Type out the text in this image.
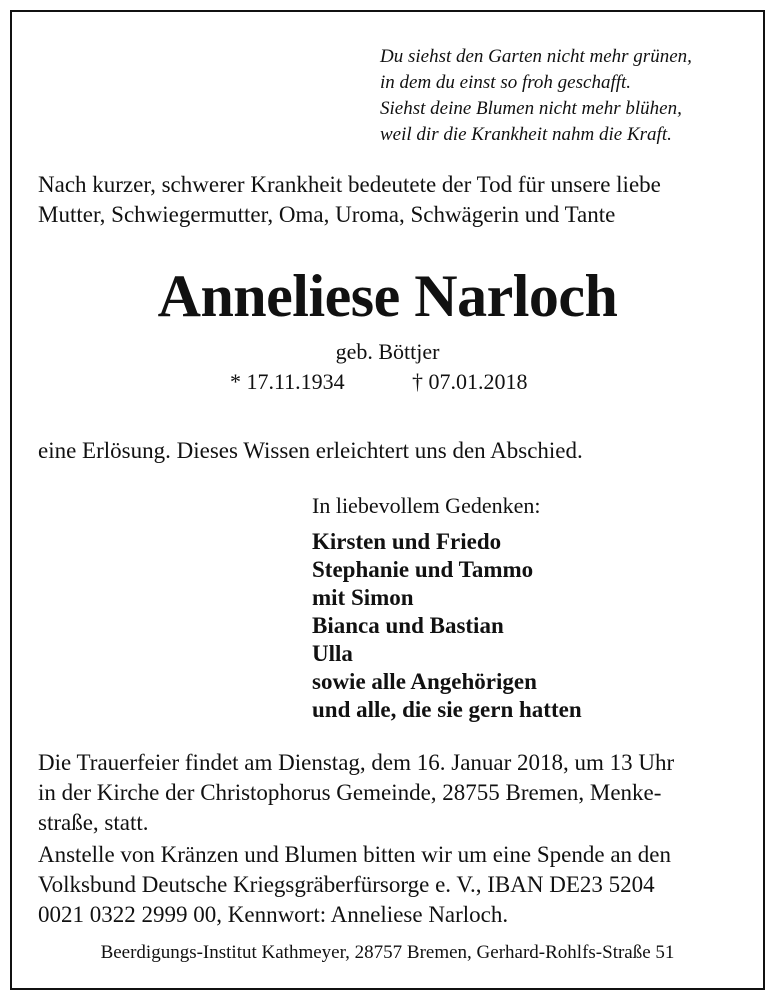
Du siehst den Garten nicht mehr grünen,
in dem du einst so froh geschafft.
Siehst deine Blumen nicht mehr blühen,
weil dir die Krankheit nahm die Kraft.
Nach kurzer, schwerer Krankheit bedeutete der Tod für unsere liebe
Mutter, Schwiegermutter, Oma, Uroma, Schwägerin und Tante
Anneliese Narloch
geb. Böttjer
* 17.11.1934	† 07.01.2018
eine Erlösung. Dieses Wissen erleichtert uns den Abschied.
In liebevollem Gedenken:
Kirsten und Friedo
Stephanie und Tammo
mit Simon
Bianca und Bastian
Ulla
sowie alle Angehörigen
und alle, die sie gern hatten
Die Trauerfeier findet am Dienstag, dem 16. Januar 2018, um 13 Uhr
in der Kirche der Christophorus Gemeinde, 28755 Bremen, Menke-
straße, statt.
Anstelle von Kränzen und Blumen bitten wir um eine Spende an den
Volksbund Deutsche Kriegsgräberfürsorge e. V., IBAN DE23 5204
0021 0322 2999 00, Kennwort: Anneliese Narloch.
Beerdigungs-Institut Kathmeyer, 28757 Bremen, Gerhard-Rohlfs-Straße 51
